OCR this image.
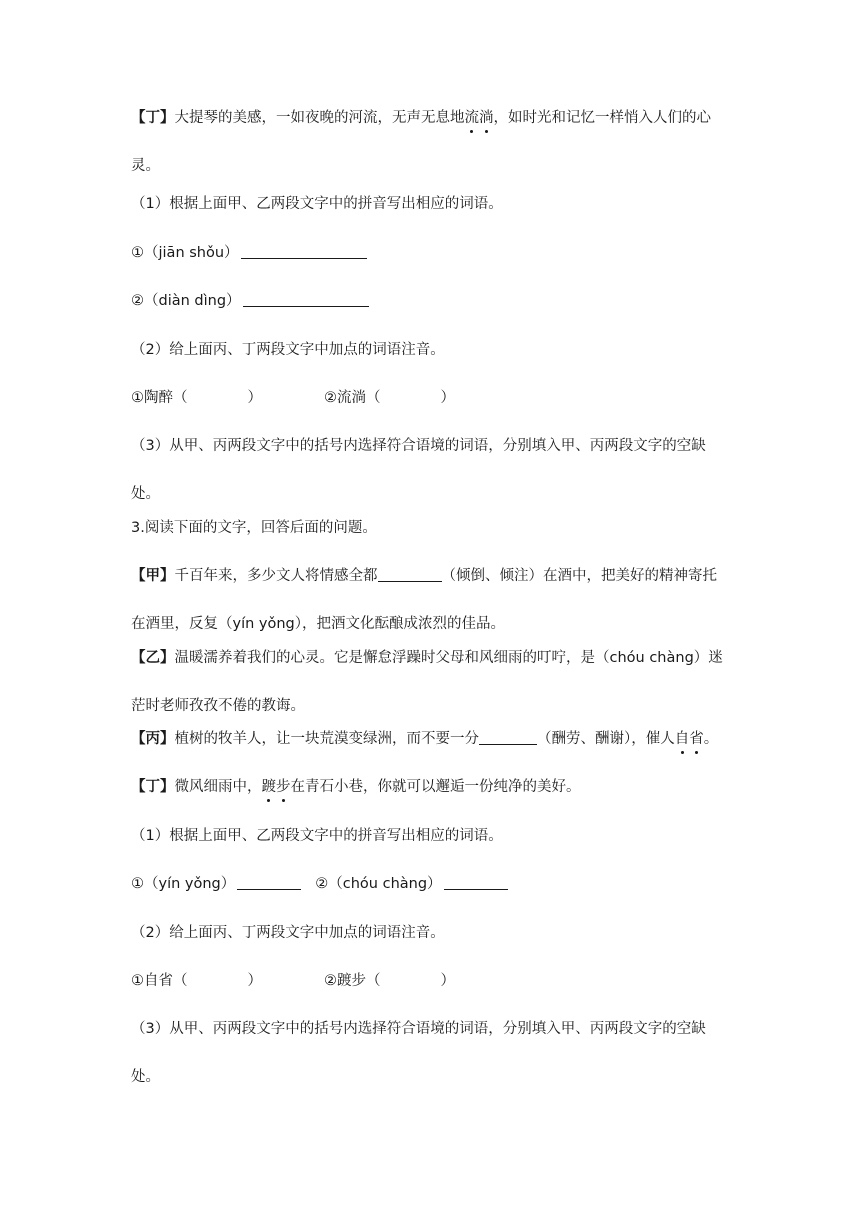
【丁】大提琴的美感，一如夜晚的河流，无声无息地流淌，如时光和记忆一样悄入人们的心
灵。

（1）根据上面甲、乙两段文字中的拼音写出相应的词语。

①（jiān shǒu）

②（diàn dìng）

（2）给上面丙、丁两段文字中加点的词语注音。

①陶醉（	）	②流淌（	）

（3）从甲、丙两段文字中的括号内选择符合语境的词语，分别填入甲、丙两段文字的空缺
处。

3.阅读下面的文字，回答后面的问题。

【甲】千百年来，多少文人将情感全都	（倾倒、倾注）在酒中，把美好的精神寄托
在酒里，反复（yín yǒng），把酒文化酝酿成浓烈的佳品。

【乙】温暖濡养着我们的心灵。它是懈怠浮躁时父母和风细雨的叮咛，是（chóu chàng）迷
茫时老师孜孜不倦的教诲。

【丙】植树的牧羊人，让一块荒漠变绿洲，而不要一分	（酬劳、酬谢），催人自省。

【丁】微风细雨中，踱步在青石小巷，你就可以邂逅一份纯净的美好。

（1）根据上面甲、乙两段文字中的拼音写出相应的词语。

①（yín yǒng）	②（chóu chàng）

（2）给上面丙、丁两段文字中加点的词语注音。

①自省（	）	②踱步（	）

（3）从甲、丙两段文字中的括号内选择符合语境的词语，分别填入甲、丙两段文字的空缺
处。
